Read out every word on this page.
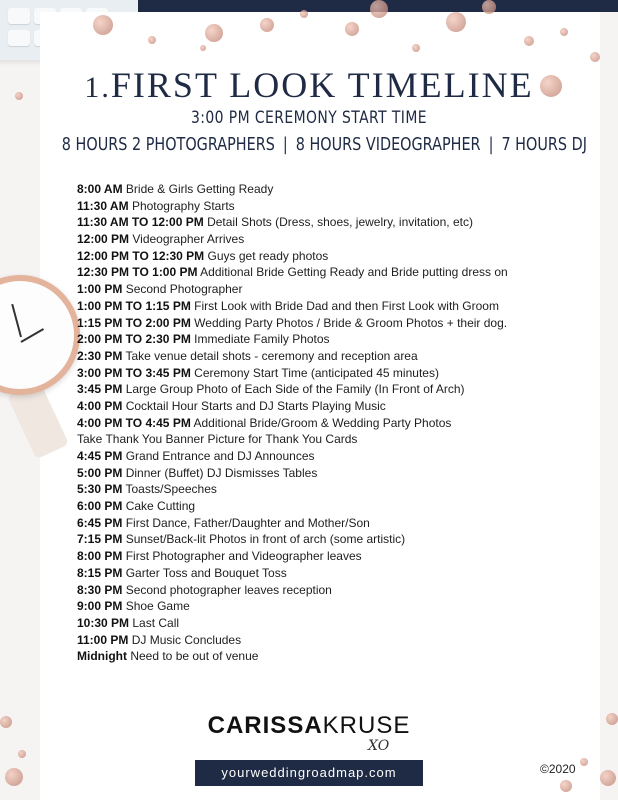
1.FIRST LOOK TIMELINE
3:00 PM CEREMONY START TIME
8 HOURS 2 PHOTOGRAPHERS | 8 HOURS VIDEOGRAPHER | 7 HOURS DJ
8:00 AM Bride & Girls Getting Ready
11:30 AM Photography Starts
11:30 AM TO 12:00 PM Detail Shots (Dress, shoes, jewelry, invitation, etc)
12:00 PM Videographer Arrives
12:00 PM TO 12:30 PM Guys get ready photos
12:30 PM TO 1:00 PM Additional Bride Getting Ready and Bride putting dress on
1:00 PM Second Photographer
1:00 PM TO 1:15 PM First Look with Bride Dad and then First Look with Groom
1:15 PM TO 2:00 PM Wedding Party Photos / Bride & Groom Photos + their dog.
2:00 PM TO 2:30 PM Immediate Family Photos
2:30 PM Take venue detail shots - ceremony and reception area
3:00 PM TO 3:45 PM Ceremony Start Time (anticipated 45 minutes)
3:45 PM Large Group Photo of Each Side of the Family (In Front of Arch)
4:00 PM Cocktail Hour Starts and DJ Starts Playing Music
4:00 PM TO 4:45 PM Additional Bride/Groom & Wedding Party Photos
Take Thank You Banner Picture for Thank You Cards
4:45 PM Grand Entrance and DJ Announces
5:00 PM Dinner (Buffet) DJ Dismisses Tables
5:30 PM Toasts/Speeches
6:00 PM Cake Cutting
6:45 PM First Dance, Father/Daughter and Mother/Son
7:15 PM Sunset/Back-lit Photos in front of arch (some artistic)
8:00 PM First Photographer and Videographer leaves
8:15 PM Garter Toss and Bouquet Toss
8:30 PM Second photographer leaves reception
9:00 PM Shoe Game
10:30 PM Last Call
11:00 PM DJ Music Concludes
Midnight Need to be out of venue
CARISSAKRUSE
XO
yourweddingroadmap.com	©2020
